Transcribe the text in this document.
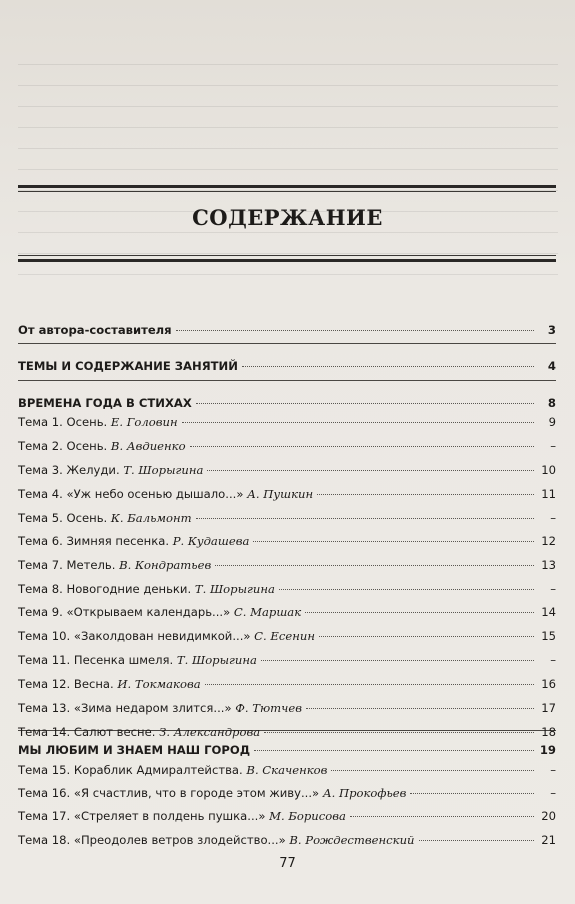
СОДЕРЖАНИЕ
От автора-составителя	3
ТЕМЫ И СОДЕРЖАНИЕ ЗАНЯТИЙ	4
ВРЕМЕНА ГОДА В СТИХАХ	8
Тема 1. Осень. Е. Головин	9
Тема 2. Осень. В. Авдиенко	–
Тема 3. Желуди. Т. Шорыгина	10
Тема 4. «Уж небо осенью дышало...» А. Пушкин	11
Тема 5. Осень. К. Бальмонт	–
Тема 6. Зимняя песенка. Р. Кудашева	12
Тема 7. Метель. В. Кондратьев	13
Тема 8. Новогодние деньки. Т. Шорыгина	–
Тема 9. «Открываем календарь...» С. Маршак	14
Тема 10. «Заколдован невидимкой...» С. Есенин	15
Тема 11. Песенка шмеля. Т. Шорыгина	–
Тема 12. Весна. И. Токмакова	16
Тема 13. «Зима недаром злится...» Ф. Тютчев	17
Тема 14. Салют весне. З. Александрова	18
МЫ ЛЮБИМ И ЗНАЕМ НАШ ГОРОД	19
Тема 15. Кораблик Адмиралтейства. В. Скаченков	–
Тема 16. «Я счастлив, что в городе этом живу...» А. Прокофьев	–
Тема 17. «Стреляет в полдень пушка...» М. Борисова	20
Тема 18. «Преодолев ветров злодейство...» В. Рождественский	21
77
